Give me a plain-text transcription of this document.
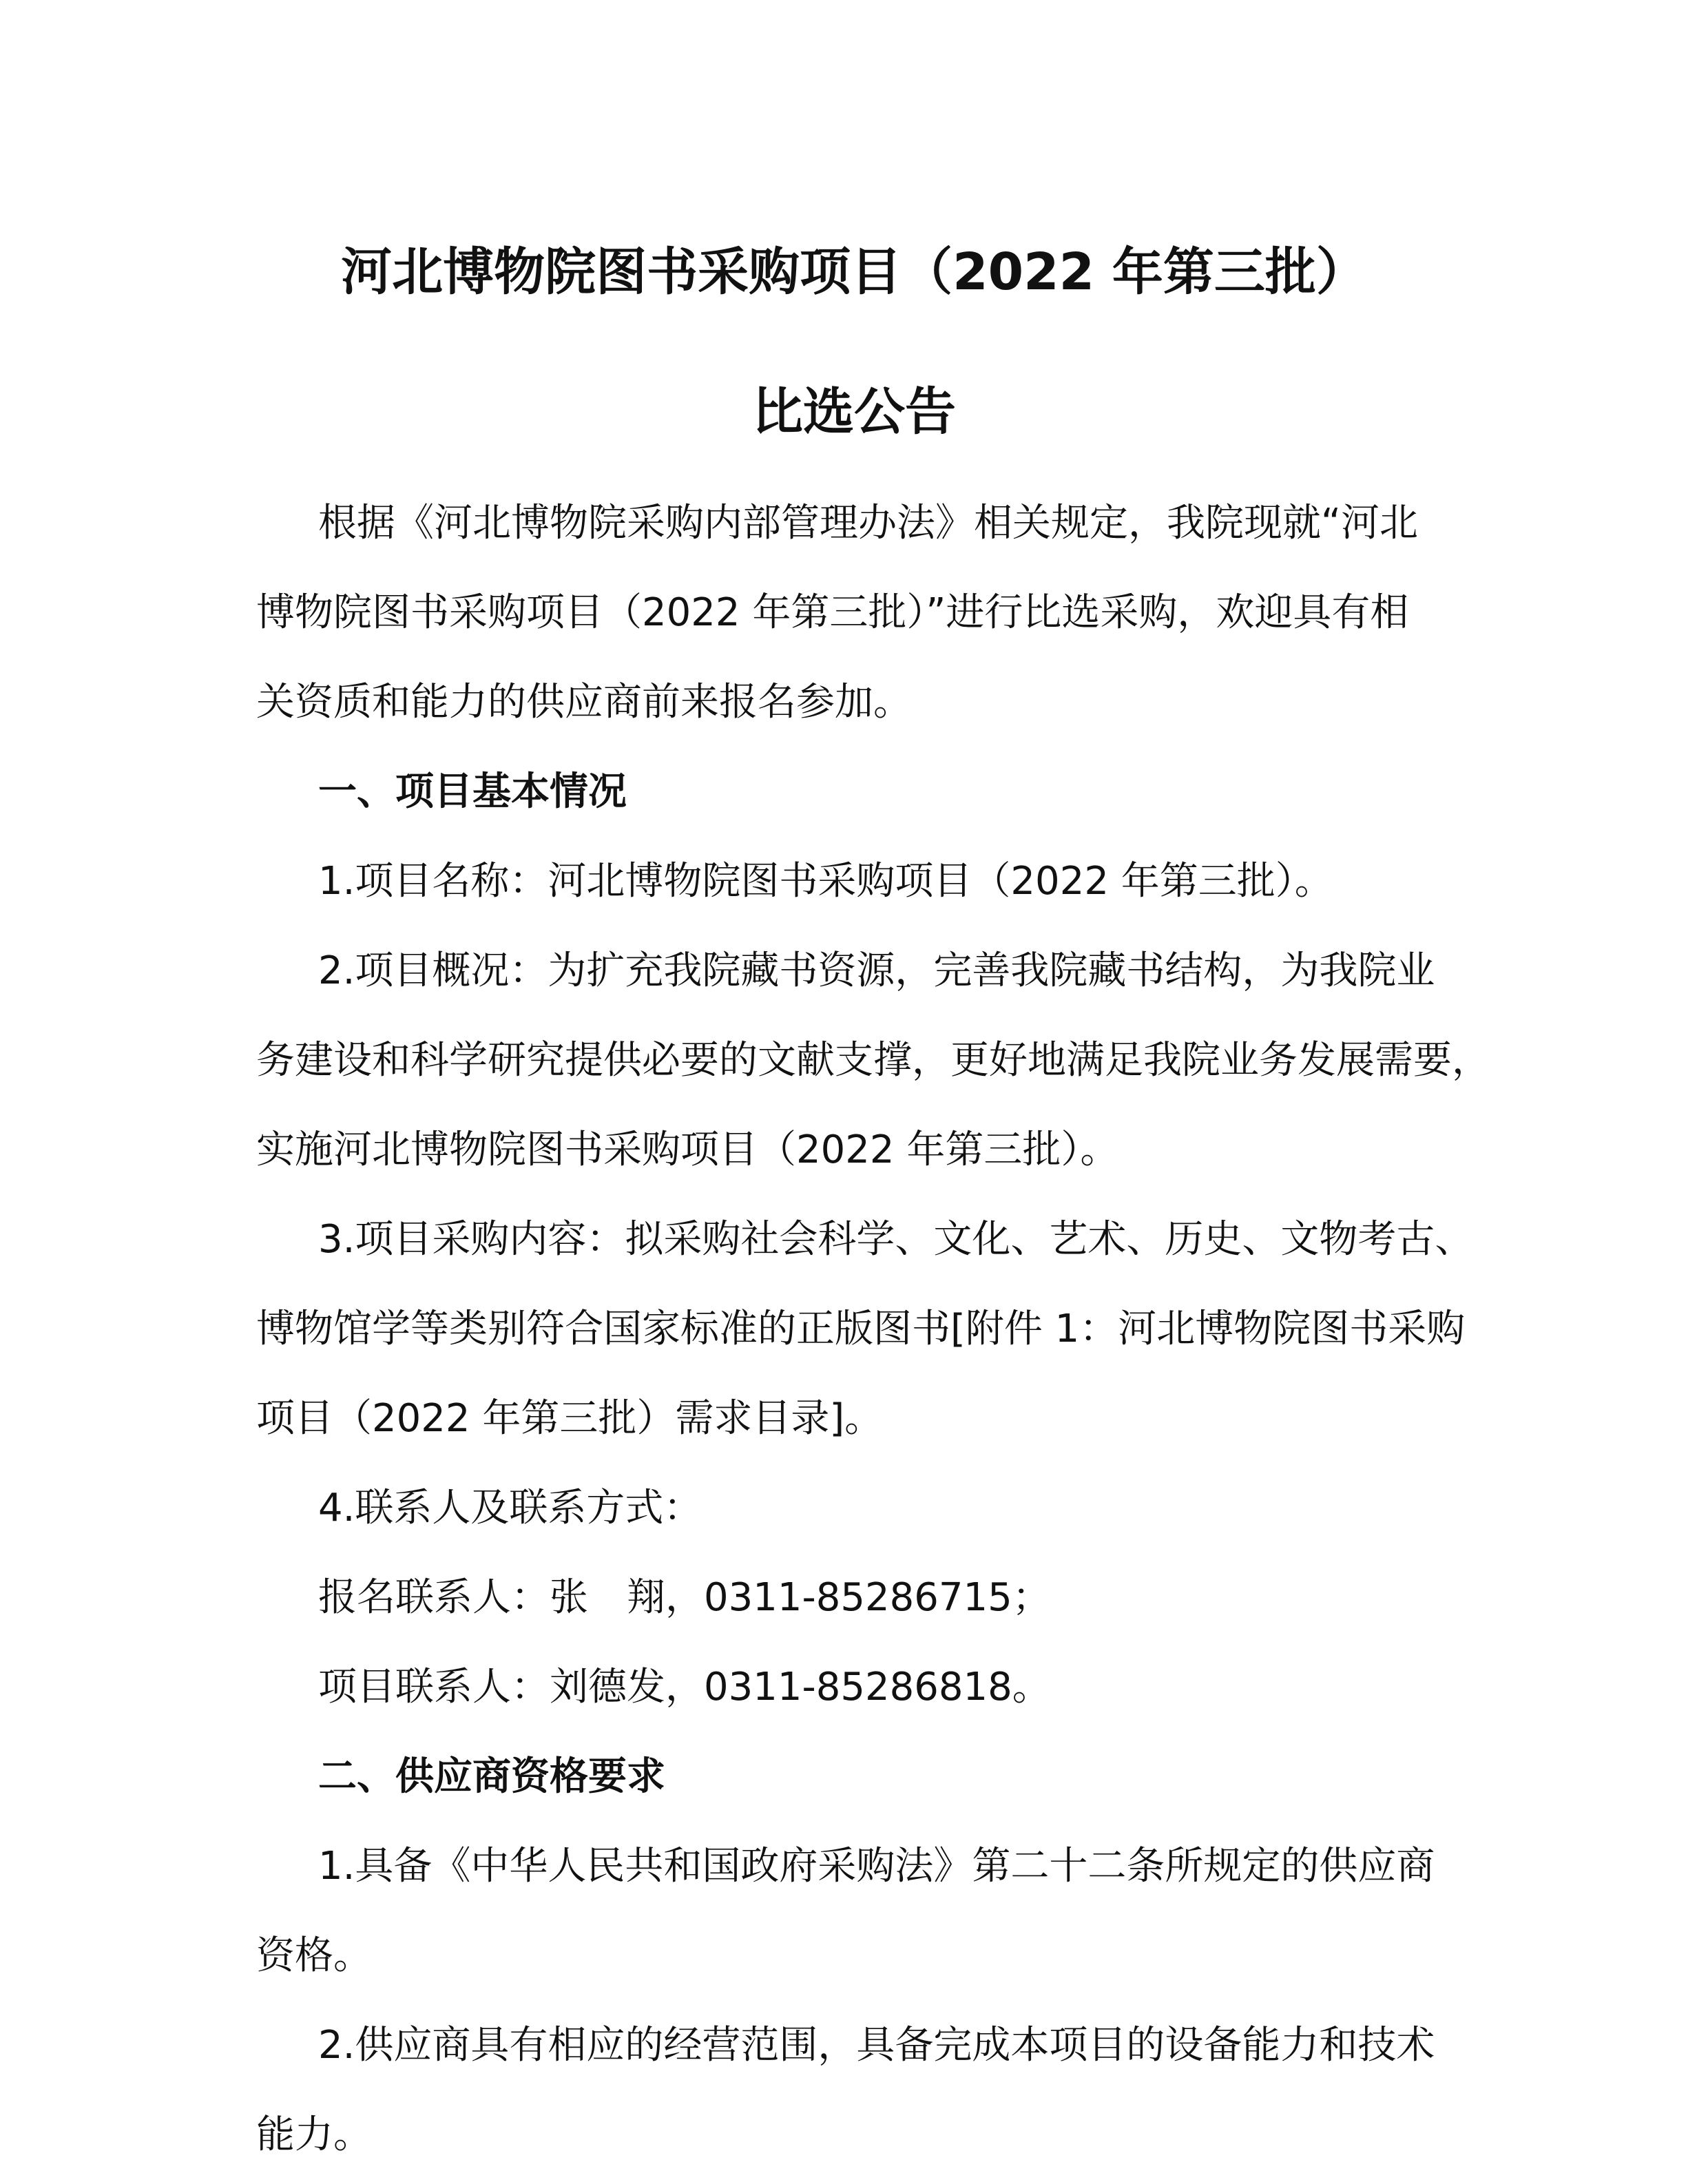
河北博物院图书采购项目（2022 年第三批）
比选公告
根据《河北博物院采购内部管理办法》相关规定，我院现就“河北
博物院图书采购项目（2022 年第三批）”进行比选采购，欢迎具有相
关资质和能力的供应商前来报名参加。
一、项目基本情况
1.项目名称：河北博物院图书采购项目（2022 年第三批）。
2.项目概况：为扩充我院藏书资源，完善我院藏书结构，为我院业
务建设和科学研究提供必要的文献支撑，更好地满足我院业务发展需要，
实施河北博物院图书采购项目（2022 年第三批）。
3.项目采购内容：拟采购社会科学、文化、艺术、历史、文物考古、
博物馆学等类别符合国家标准的正版图书[附件 1：河北博物院图书采购
项目（2022 年第三批）需求目录]。
4.联系人及联系方式：
报名联系人：张　翔，0311-85286715；
项目联系人：刘德发，0311-85286818。
二、供应商资格要求
1.具备《中华人民共和国政府采购法》第二十二条所规定的供应商
资格。
2.供应商具有相应的经营范围，具备完成本项目的设备能力和技术
能力。
